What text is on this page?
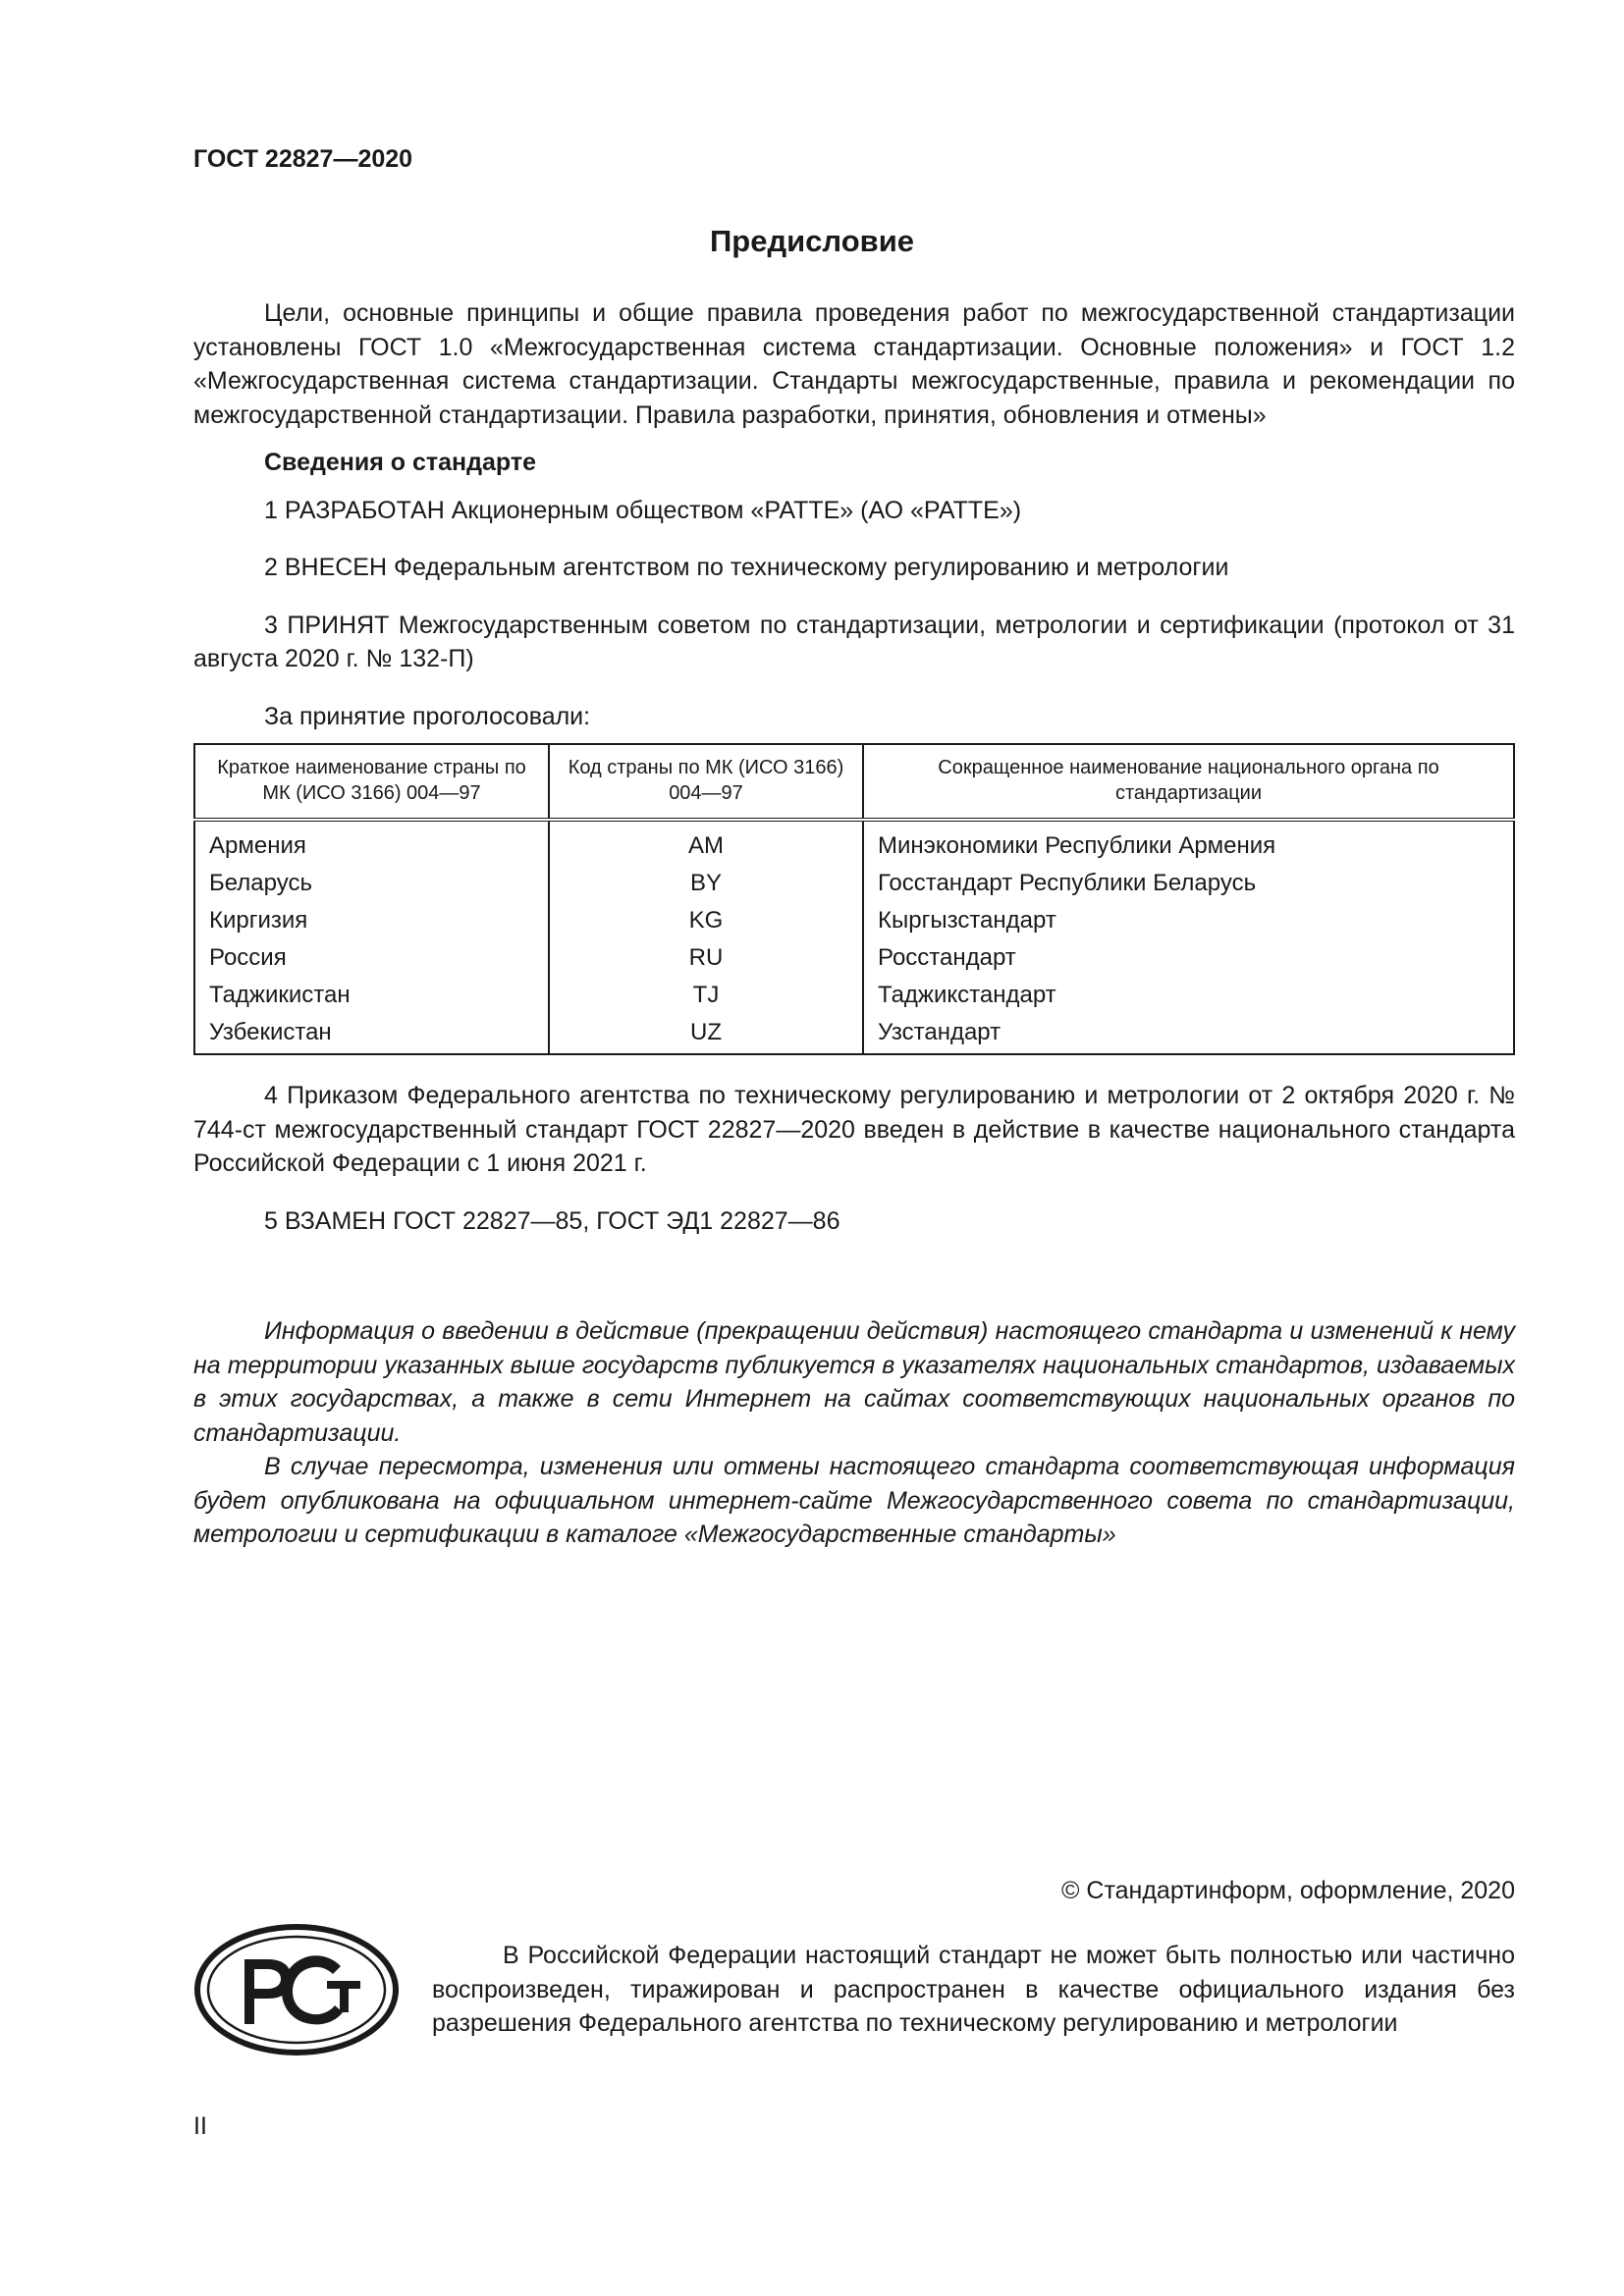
ГОСТ 22827—2020
Предисловие

Цели, основные принципы и общие правила проведения работ по межгосударственной стандартизации установлены ГОСТ 1.0 «Межгосударственная система стандартизации. Основные положения» и ГОСТ 1.2 «Межгосударственная система стандартизации. Стандарты межгосударственные, правила и рекомендации по межгосударственной стандартизации. Правила разработки, принятия, обновления и отмены»

Сведения о стандарте

1 РАЗРАБОТАН Акционерным обществом «РАТТЕ» (АО «РАТТЕ»)

2 ВНЕСЕН Федеральным агентством по техническому регулированию и метрологии

3 ПРИНЯТ Межгосударственным советом по стандартизации, метрологии и сертификации (протокол от 31 августа 2020 г. № 132-П)

За принятие проголосовали:

Краткое наименование страны по МК (ИСО 3166) 004—97	Код страны по МК (ИСО 3166) 004—97	Сокращенное наименование национального органа по стандартизации
Армения	AM	Минэкономики Республики Армения
Беларусь	BY	Госстандарт Республики Беларусь
Киргизия	KG	Кыргызстандарт
Россия	RU	Росстандарт
Таджикистан	TJ	Таджикстандарт
Узбекистан	UZ	Узстандарт

4 Приказом Федерального агентства по техническому регулированию и метрологии от 2 октября 2020 г. № 744-ст межгосударственный стандарт ГОСТ 22827—2020 введен в действие в качестве национального стандарта Российской Федерации с 1 июня 2021 г.

5 ВЗАМЕН ГОСТ 22827—85, ГОСТ ЭД1 22827—86

Информация о введении в действие (прекращении действия) настоящего стандарта и изменений к нему на территории указанных выше государств публикуется в указателях национальных стандартов, издаваемых в этих государствах, а также в сети Интернет на сайтах соответствующих национальных органов по стандартизации.

В случае пересмотра, изменения или отмены настоящего стандарта соответствующая информация будет опубликована на официальном интернет-сайте Межгосударственного совета по стандартизации, метрологии и сертификации в каталоге «Межгосударственные стандарты»

© Стандартинформ, оформление, 2020

В Российской Федерации настоящий стандарт не может быть полностью или частично воспроизведен, тиражирован и распространен в качестве официального издания без разрешения Федерального агентства по техническому регулированию и метрологии

II
